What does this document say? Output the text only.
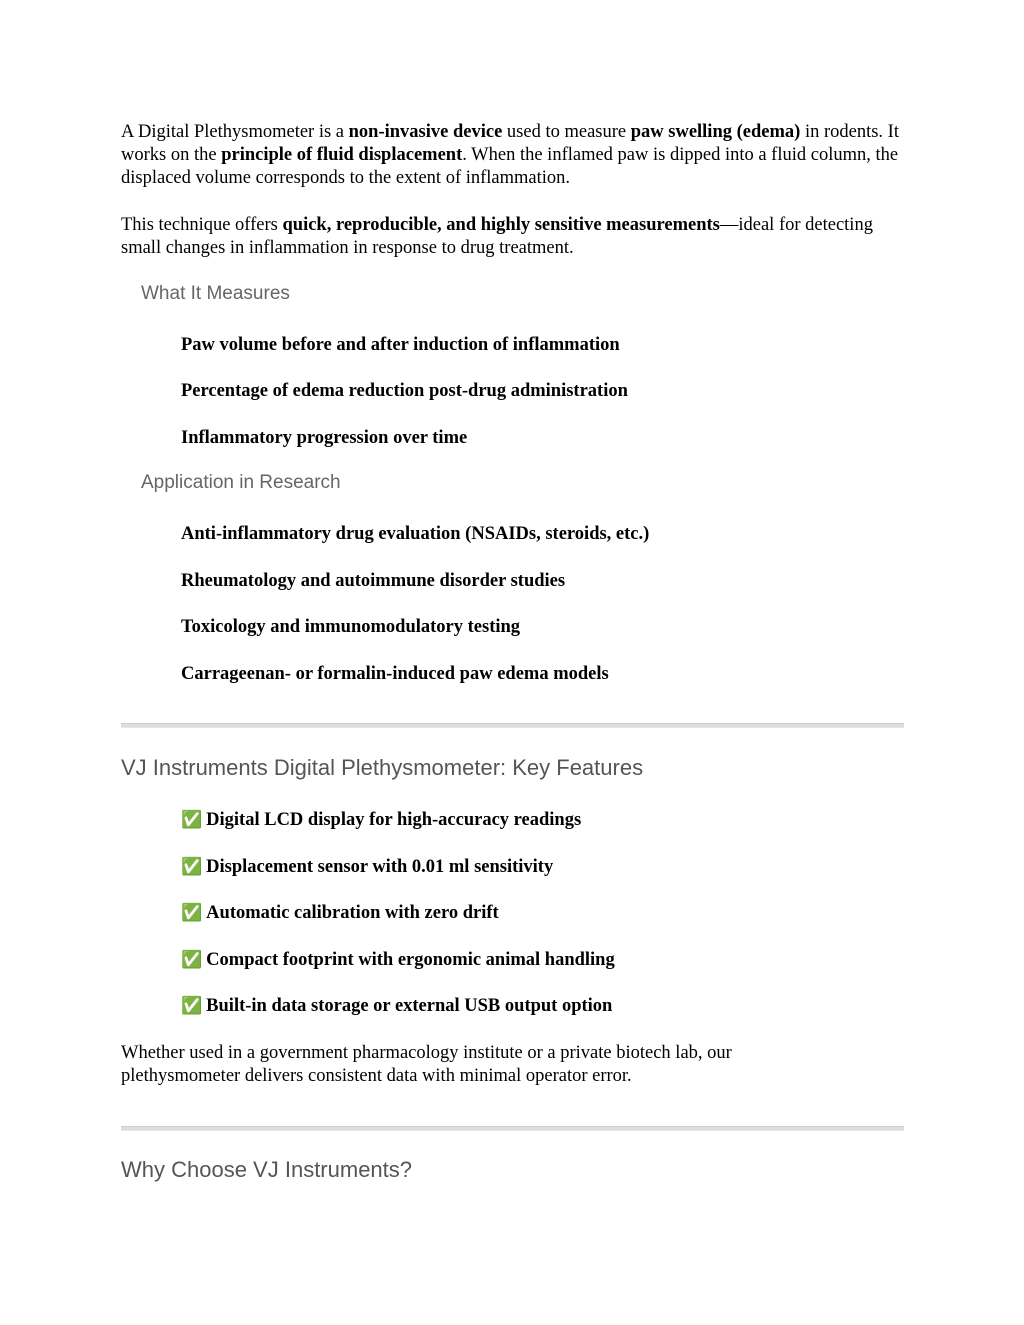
A Digital Plethysmometer is a non-invasive device used to measure paw swelling (edema) in rodents. It works on the principle of fluid displacement. When the inflamed paw is dipped into a fluid column, the displaced volume corresponds to the extent of inflammation.

This technique offers quick, reproducible, and highly sensitive measurements—ideal for detecting small changes in inflammation in response to drug treatment.

What It Measures

Paw volume before and after induction of inflammation

Percentage of edema reduction post-drug administration

Inflammatory progression over time

Application in Research

Anti-inflammatory drug evaluation (NSAIDs, steroids, etc.)

Rheumatology and autoimmune disorder studies

Toxicology and immunomodulatory testing

Carrageenan- or formalin-induced paw edema models

VJ Instruments Digital Plethysmometer: Key Features

✅ Digital LCD display for high-accuracy readings

✅ Displacement sensor with 0.01 ml sensitivity

✅ Automatic calibration with zero drift

✅ Compact footprint with ergonomic animal handling

✅ Built-in data storage or external USB output option

Whether used in a government pharmacology institute or a private biotech lab, our plethysmometer delivers consistent data with minimal operator error.

Why Choose VJ Instruments?
